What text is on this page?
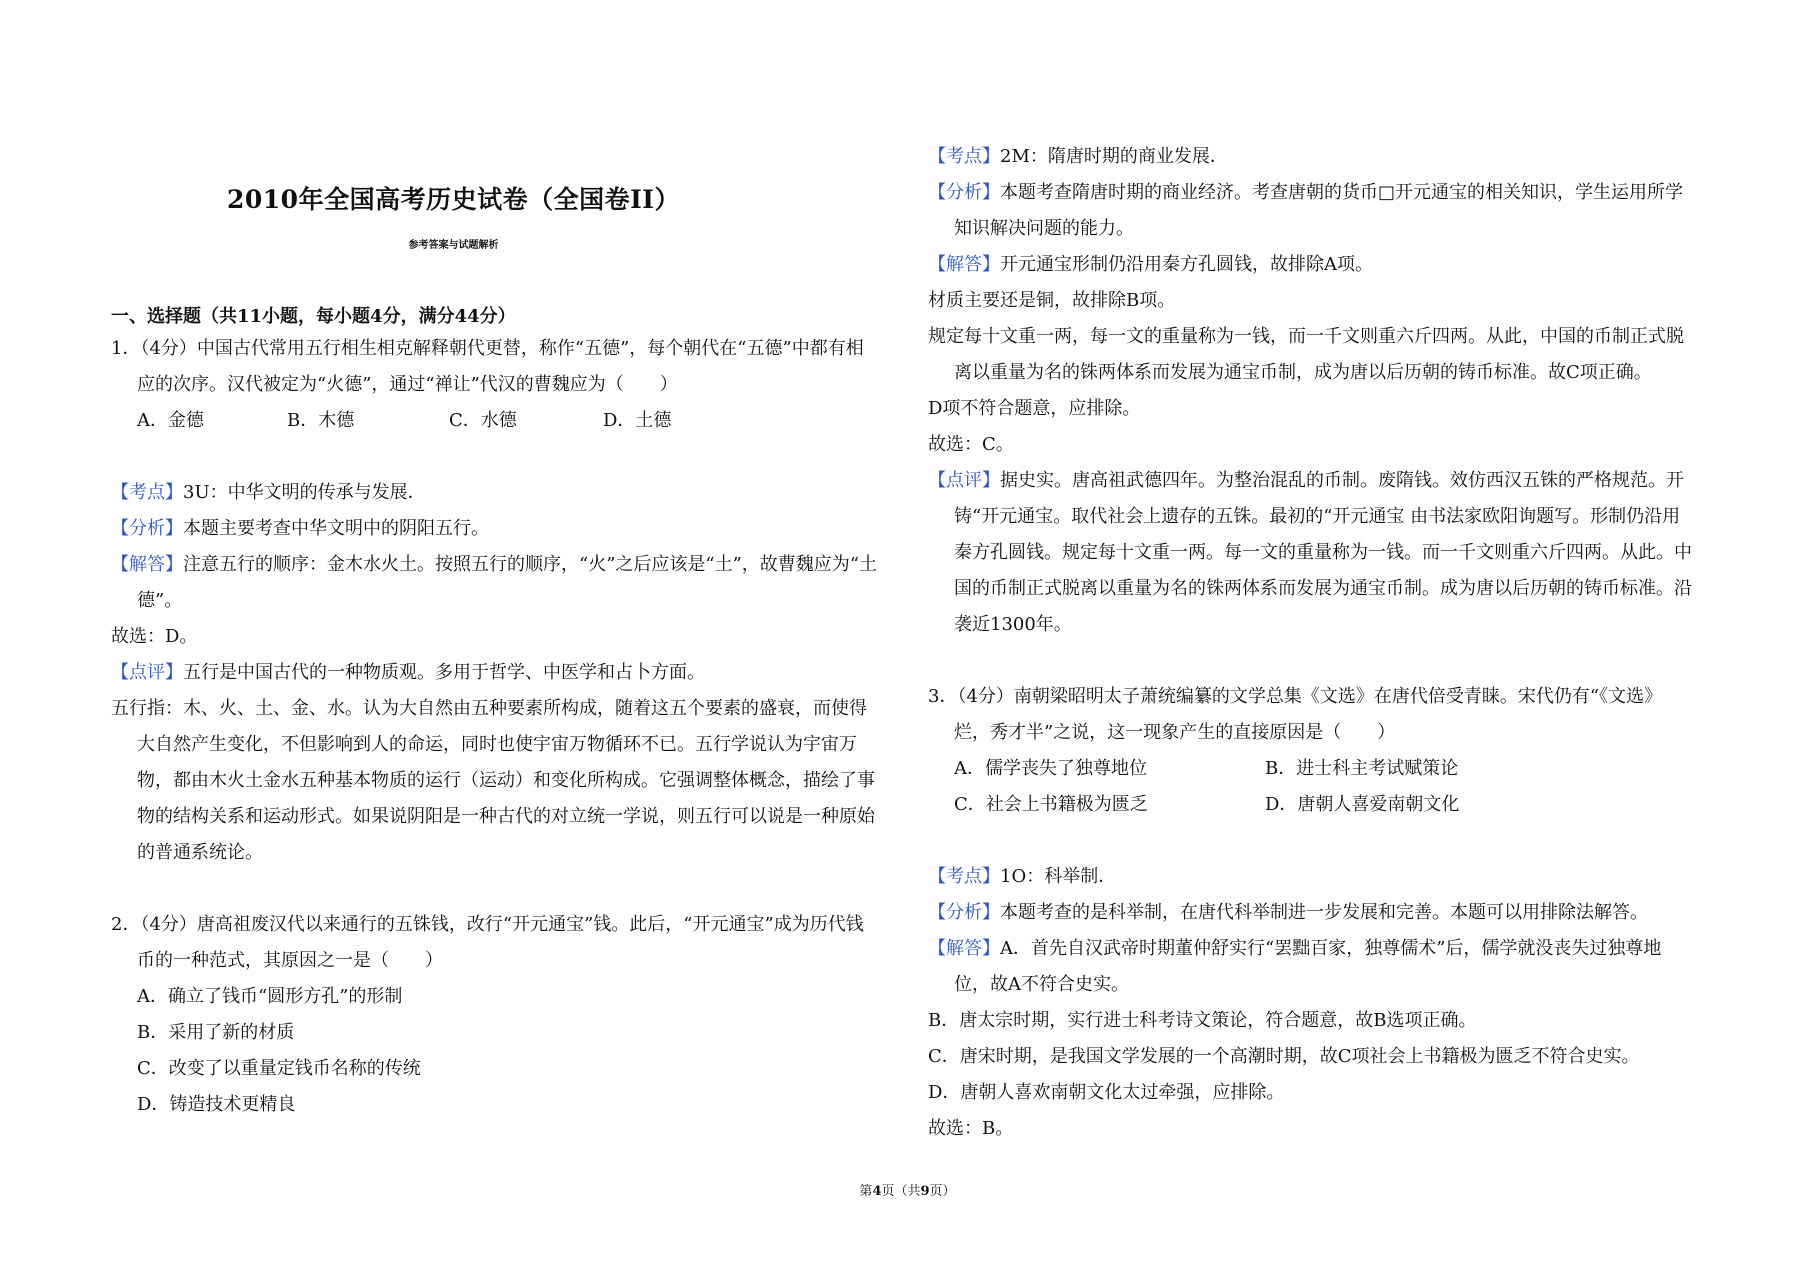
2010年全国高考历史试卷（全国卷II）
参考答案与试题解析
一、选择题（共11小题，每小题4分，满分44分）
1．（4分）中国古代常用五行相生相克解释朝代更替，称作“五德”，每个朝代在“五德”中都有相
应的次序。汉代被定为“火德”，通过“禅让”代汉的曹魏应为（　　）
A．金德	B．木德	C．水德	D．土德
【考点】3U：中华文明的传承与发展．
【分析】本题主要考查中华文明中的阴阳五行。
【解答】注意五行的顺序：金木水火土。按照五行的顺序，“火”之后应该是“土”，故曹魏应为“土
德”。
故选：D。
【点评】五行是中国古代的一种物质观。多用于哲学、中医学和占卜方面。
五行指：木、火、土、金、水。认为大自然由五种要素所构成，随着这五个要素的盛衰，而使得
大自然产生变化，不但影响到人的命运，同时也使宇宙万物循环不已。五行学说认为宇宙万
物，都由木火土金水五种基本物质的运行（运动）和变化所构成。它强调整体概念，描绘了事
物的结构关系和运动形式。如果说阴阳是一种古代的对立统一学说，则五行可以说是一种原始
的普通系统论。
2．（4分）唐高祖废汉代以来通行的五铢钱，改行“开元通宝”钱。此后，“开元通宝”成为历代钱
币的一种范式，其原因之一是（　　）
A．确立了钱币“圆形方孔”的形制
B．采用了新的材质
C．改变了以重量定钱币名称的传统
D．铸造技术更精良
【考点】2M：隋唐时期的商业发展．
【分析】本题考查隋唐时期的商业经济。考查唐朝的货币□开元通宝的相关知识，学生运用所学
知识解决问题的能力。
【解答】开元通宝形制仍沿用秦方孔圆钱，故排除A项。
材质主要还是铜，故排除B项。
规定每十文重一两，每一文的重量称为一钱，而一千文则重六斤四两。从此，中国的币制正式脱
离以重量为名的铢两体系而发展为通宝币制，成为唐以后历朝的铸币标准。故C项正确。
D项不符合题意，应排除。
故选：C。
【点评】据史实。唐高祖武德四年。为整治混乱的币制。废隋钱。效仿西汉五铢的严格规范。开
铸“开元通宝。取代社会上遗存的五铢。最初的“开元通宝 由书法家欧阳询题写。形制仍沿用
秦方孔圆钱。规定每十文重一两。每一文的重量称为一钱。而一千文则重六斤四两。从此。中
国的币制正式脱离以重量为名的铢两体系而发展为通宝币制。成为唐以后历朝的铸币标准。沿
袭近1300年。
3．（4分）南朝梁昭明太子萧统编纂的文学总集《文选》在唐代倍受青睐。宋代仍有“《文选》
烂，秀才半”之说，这一现象产生的直接原因是（　　）
A．儒学丧失了独尊地位	B．进士科主考试赋策论
C．社会上书籍极为匮乏	D．唐朝人喜爱南朝文化
【考点】1O：科举制．
【分析】本题考查的是科举制，在唐代科举制进一步发展和完善。本题可以用排除法解答。
【解答】A．首先自汉武帝时期董仲舒实行“罢黜百家，独尊儒术”后，儒学就没丧失过独尊地
位，故A不符合史实。
B．唐太宗时期，实行进士科考诗文策论，符合题意，故B选项正确。
C．唐宋时期，是我国文学发展的一个高潮时期，故C项社会上书籍极为匮乏不符合史实。
D．唐朝人喜欢南朝文化太过牵强，应排除。
故选：B。
第4页（共9页）
